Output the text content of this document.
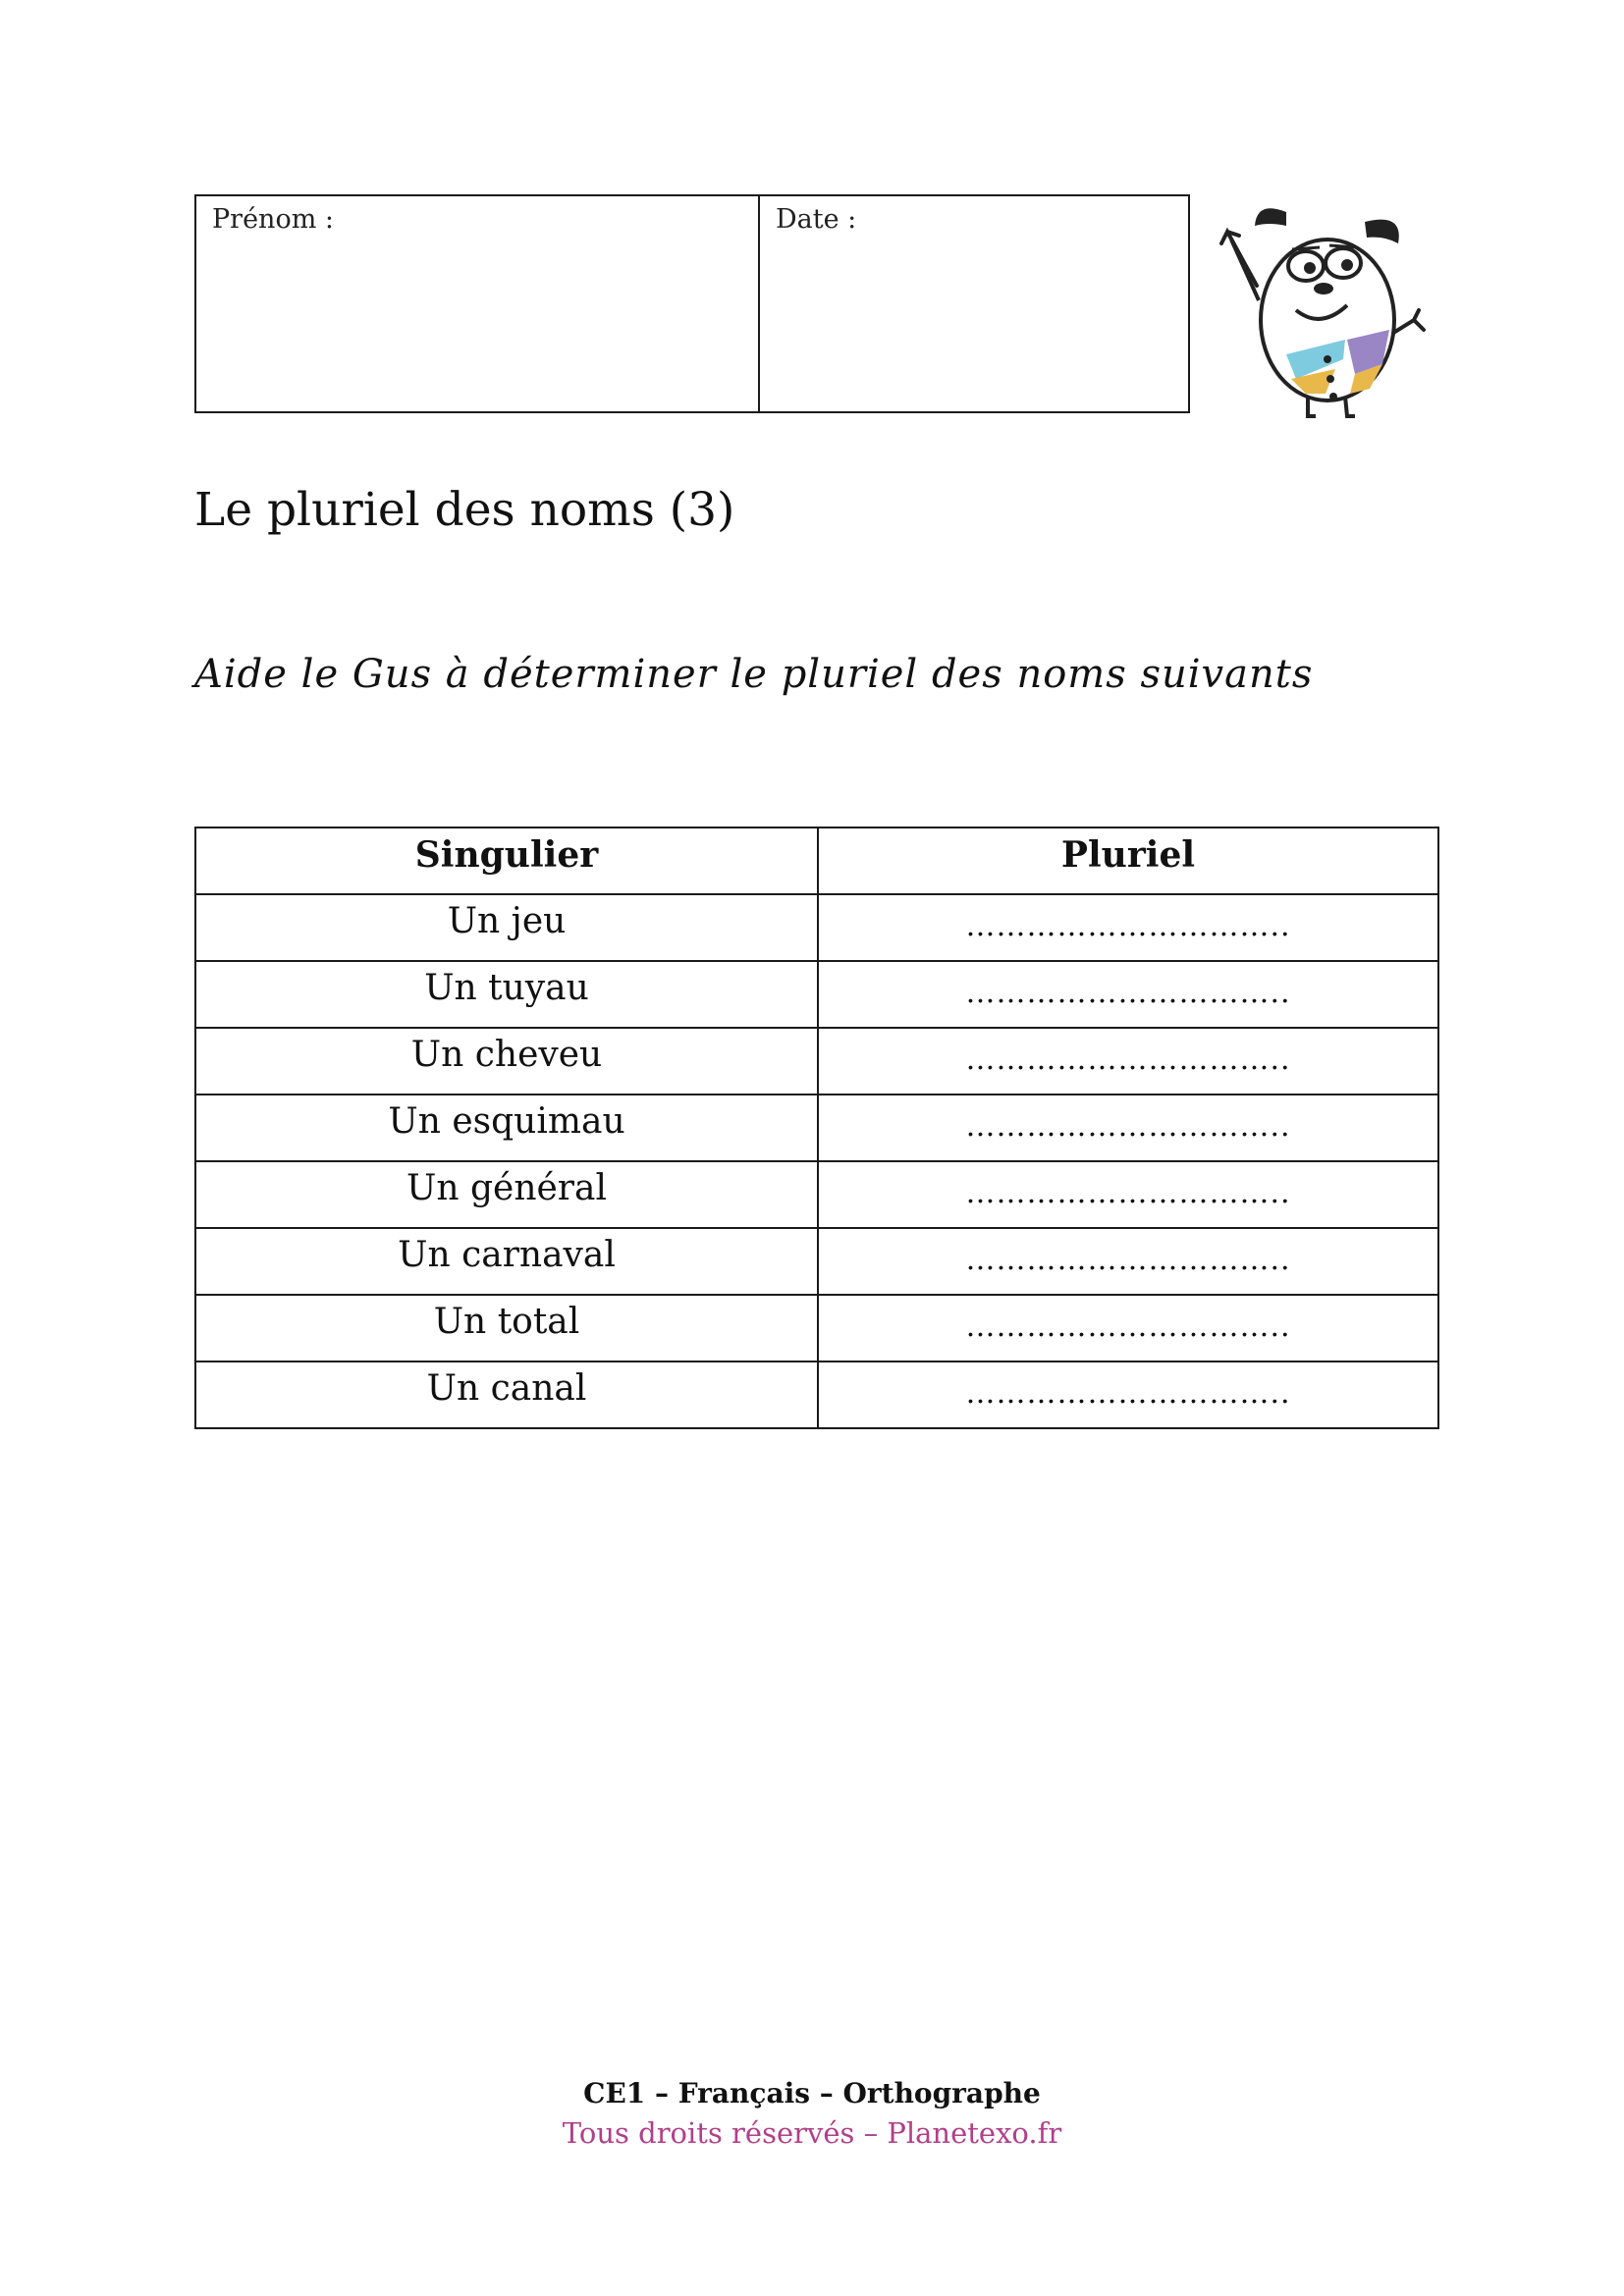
Prénom :	Date :
Le pluriel des noms (3)
Aide le Gus à déterminer le pluriel des noms suivants
Singulier	Pluriel
Un jeu	…………………………..
Un tuyau	…………………………..
Un cheveu	…………………………..
Un esquimau	…………………………..
Un général	…………………………..
Un carnaval	…………………………..
Un total	…………………………..
Un canal	…………………………..
CE1 – Français – Orthographe
Tous droits réservés – Planetexo.fr
